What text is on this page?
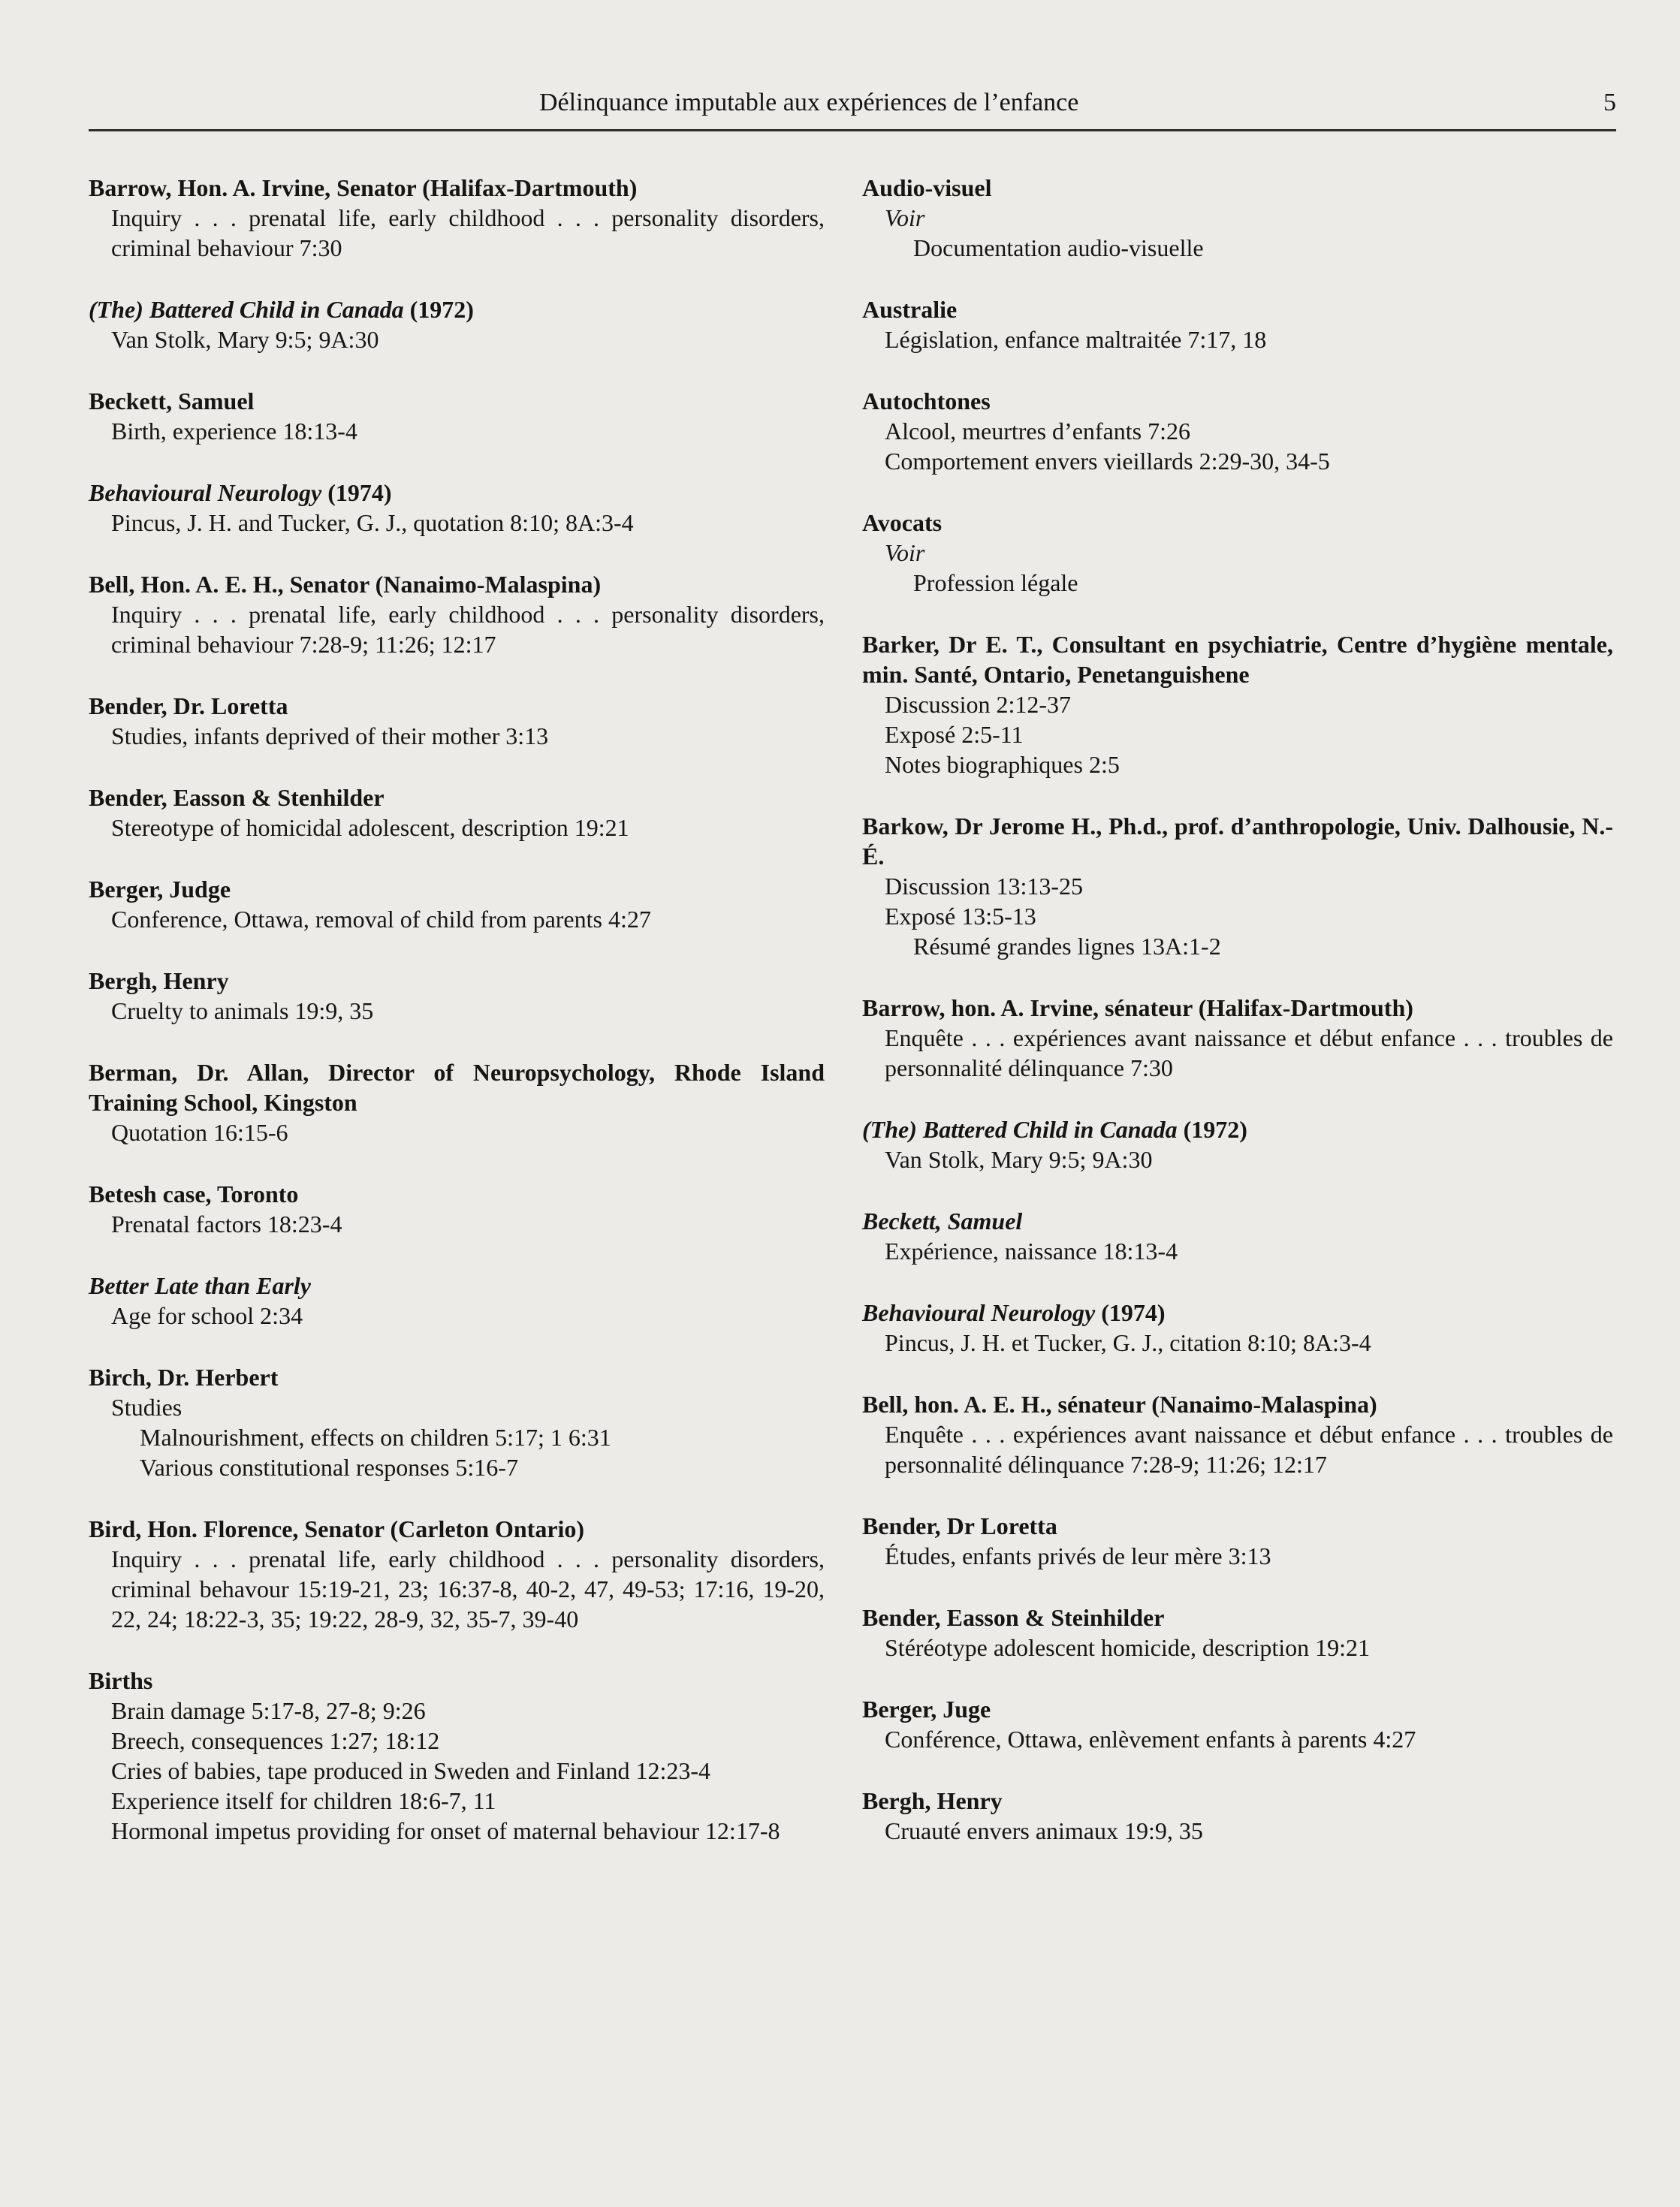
Délinquance imputable aux expériences de l’enfance	5
Barrow, Hon. A. Irvine, Senator (Halifax-Dartmouth)
Inquiry . . . prenatal life, early childhood . . . personality disorders, criminal behaviour 7:30
(The) Battered Child in Canada (1972)
Van Stolk, Mary 9:5; 9A:30
Beckett, Samuel
Birth, experience 18:13-4
Behavioural Neurology (1974)
Pincus, J. H. and Tucker, G. J., quotation 8:10; 8A:3-4
Bell, Hon. A. E. H., Senator (Nanaimo-Malaspina)
Inquiry . . . prenatal life, early childhood . . . personality disorders, criminal behaviour 7:28-9; 11:26; 12:17
Bender, Dr. Loretta
Studies, infants deprived of their mother 3:13
Bender, Easson & Stenhilder
Stereotype of homicidal adolescent, description 19:21
Berger, Judge
Conference, Ottawa, removal of child from parents 4:27
Bergh, Henry
Cruelty to animals 19:9, 35
Berman, Dr. Allan, Director of Neuropsychology, Rhode Island Training School, Kingston
Quotation 16:15-6
Betesh case, Toronto
Prenatal factors 18:23-4
Better Late than Early
Age for school 2:34
Birch, Dr. Herbert
Studies
Malnourishment, effects on children 5:17; 1 6:31
Various constitutional responses 5:16-7
Bird, Hon. Florence, Senator (Carleton Ontario)
Inquiry . . . prenatal life, early childhood . . . personality disorders, criminal behavour 15:19-21, 23; 16:37-8, 40-2, 47, 49-53; 17:16, 19-20, 22, 24; 18:22-3, 35; 19:22, 28-9, 32, 35-7, 39-40
Births
Brain damage 5:17-8, 27-8; 9:26
Breech, consequences 1:27; 18:12
Cries of babies, tape produced in Sweden and Finland 12:23-4
Experience itself for children 18:6-7, 11
Hormonal impetus providing for onset of maternal behaviour 12:17-8
Audio-visuel
Voir
Documentation audio-visuelle
Australie
Législation, enfance maltraitée 7:17, 18
Autochtones
Alcool, meurtres d’enfants 7:26
Comportement envers vieillards 2:29-30, 34-5
Avocats
Voir
Profession légale
Barker, Dr E. T., Consultant en psychiatrie, Centre d’hygiène mentale, min. Santé, Ontario, Penetanguishene
Discussion 2:12-37
Exposé 2:5-11
Notes biographiques 2:5
Barkow, Dr Jerome H., Ph.d., prof. d’anthropologie, Univ. Dalhousie, N.-É.
Discussion 13:13-25
Exposé 13:5-13
Résumé grandes lignes 13A:1-2
Barrow, hon. A. Irvine, sénateur (Halifax-Dartmouth)
Enquête . . . expériences avant naissance et début enfance . . . troubles de personnalité délinquance 7:30
(The) Battered Child in Canada (1972)
Van Stolk, Mary 9:5; 9A:30
Beckett, Samuel
Expérience, naissance 18:13-4
Behavioural Neurology (1974)
Pincus, J. H. et Tucker, G. J., citation 8:10; 8A:3-4
Bell, hon. A. E. H., sénateur (Nanaimo-Malaspina)
Enquête . . . expériences avant naissance et début enfance . . . troubles de personnalité délinquance 7:28-9; 11:26; 12:17
Bender, Dr Loretta
Études, enfants privés de leur mère 3:13
Bender, Easson & Steinhilder
Stéréotype adolescent homicide, description 19:21
Berger, Juge
Conférence, Ottawa, enlèvement enfants à parents 4:27
Bergh, Henry
Cruauté envers animaux 19:9, 35
